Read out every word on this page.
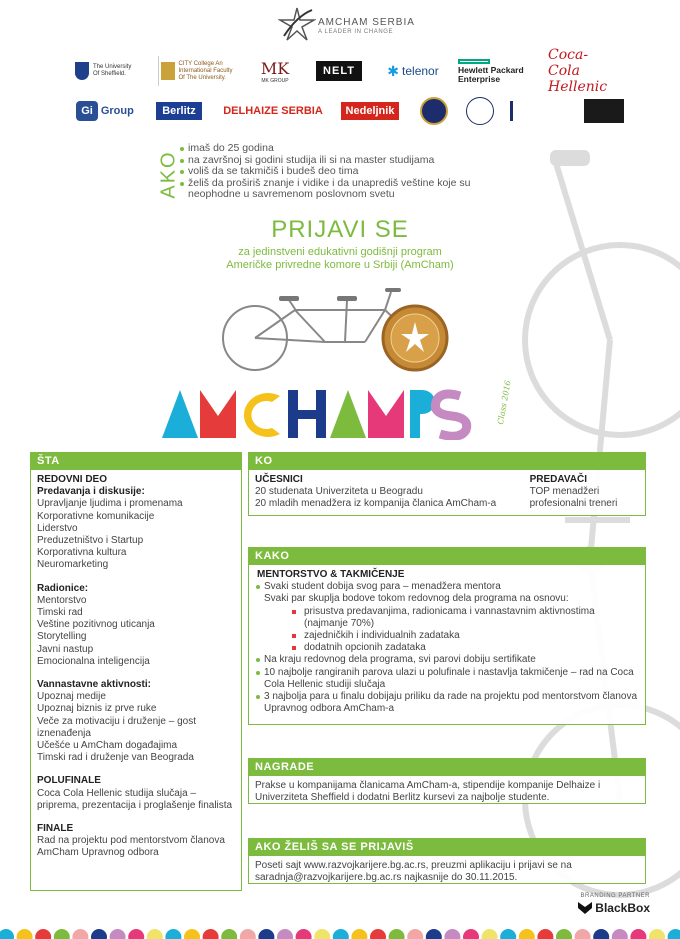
AMCHAM SERBIA
A LEADER IN CHANGE
The University Of Sheffield.
CITY College An International Faculty Of The University.	MK
MK GROUP
NELT	✱ telenor Hewlett Packard Enterprise
Coca-Cola Hellenic
Gi Group	Berlitz	DELHAIZE SERBIA	Nedeljnik
AKO
imaš do 25 godina
na završnoj si godini studija ili si na master studijama
voliš da se takmičiš i budeš deo tima
želiš da proširiš znanje i vidike i da unaprediš veštine koje su neophodne u savremenom poslovnom svetu
PRIJAVI SE
za jedinstveni edukativni godišnji program
Američke privredne komore u Srbiji (AmCham)
Class 2016
ŠTA
REDOVNI DEO
Predavanja i diskusije:
Upravljanje ljudima i promenama
Korporativne komunikacije
Liderstvo
Preduzetništvo i Startup
Korporativna kultura
Neuromarketing
Radionice:
Mentorstvo
Timski rad
Veštine pozitivnog uticanja
Storytelling
Javni nastup
Emocionalna inteligencija
Vannastavne aktivnosti:
Upoznaj medije
Upoznaj biznis iz prve ruke
Veče za motivaciju i druženje – gost iznenađenja
Učešće u AmCham događajima
Timski rad i druženje van Beograda
POLUFINALE
Coca Cola Hellenic studija slučaja – priprema, prezentacija i proglašenje finalista
FINALE
Rad na projektu pod mentorstvom članova AmCham Upravnog odbora
KO
UČESNICI
20 studenata Univerziteta u Beogradu
20 mladih menadžera iz kompanija članica AmCham-a
PREDAVAČI
TOP menadžeri
profesionalni treneri
KAKO
MENTORSTVO & TAKMIČENJE
Svaki student dobija svog para – menadžera mentora
Svaki par skuplja bodove tokom redovnog dela programa na osnovu:
prisustva predavanjima, radionicama i vannastavnim aktivnostima (najmanje 70%)
zajedničkih i individualnih zadataka
dodatnih opcionih zadataka
Na kraju redovnog dela programa, svi parovi dobiju sertifikate
10 najbolje rangiranih parova ulazi u polufinale i nastavlja takmičenje – rad na Coca Cola Hellenic studiji slučaja
3 najbolja para u finalu dobijaju priliku da rade na projektu pod mentorstvom članova Upravnog odbora AmCham-a
NAGRADE
Prakse u kompanijama članicama AmCham-a, stipendije kompanije Delhaize i Univerziteta Sheffield i dodatni Berlitz kursevi za najbolje studente.
AKO ŽELIŠ SA SE PRIJAVIŠ
Poseti sajt www.razvojkarijere.bg.ac.rs, preuzmi aplikaciju i prijavi se na saradnja@razvojkarijere.bg.ac.rs najkasnije do 30.11.2015.
BRANDING PARTNER
BlackBox
